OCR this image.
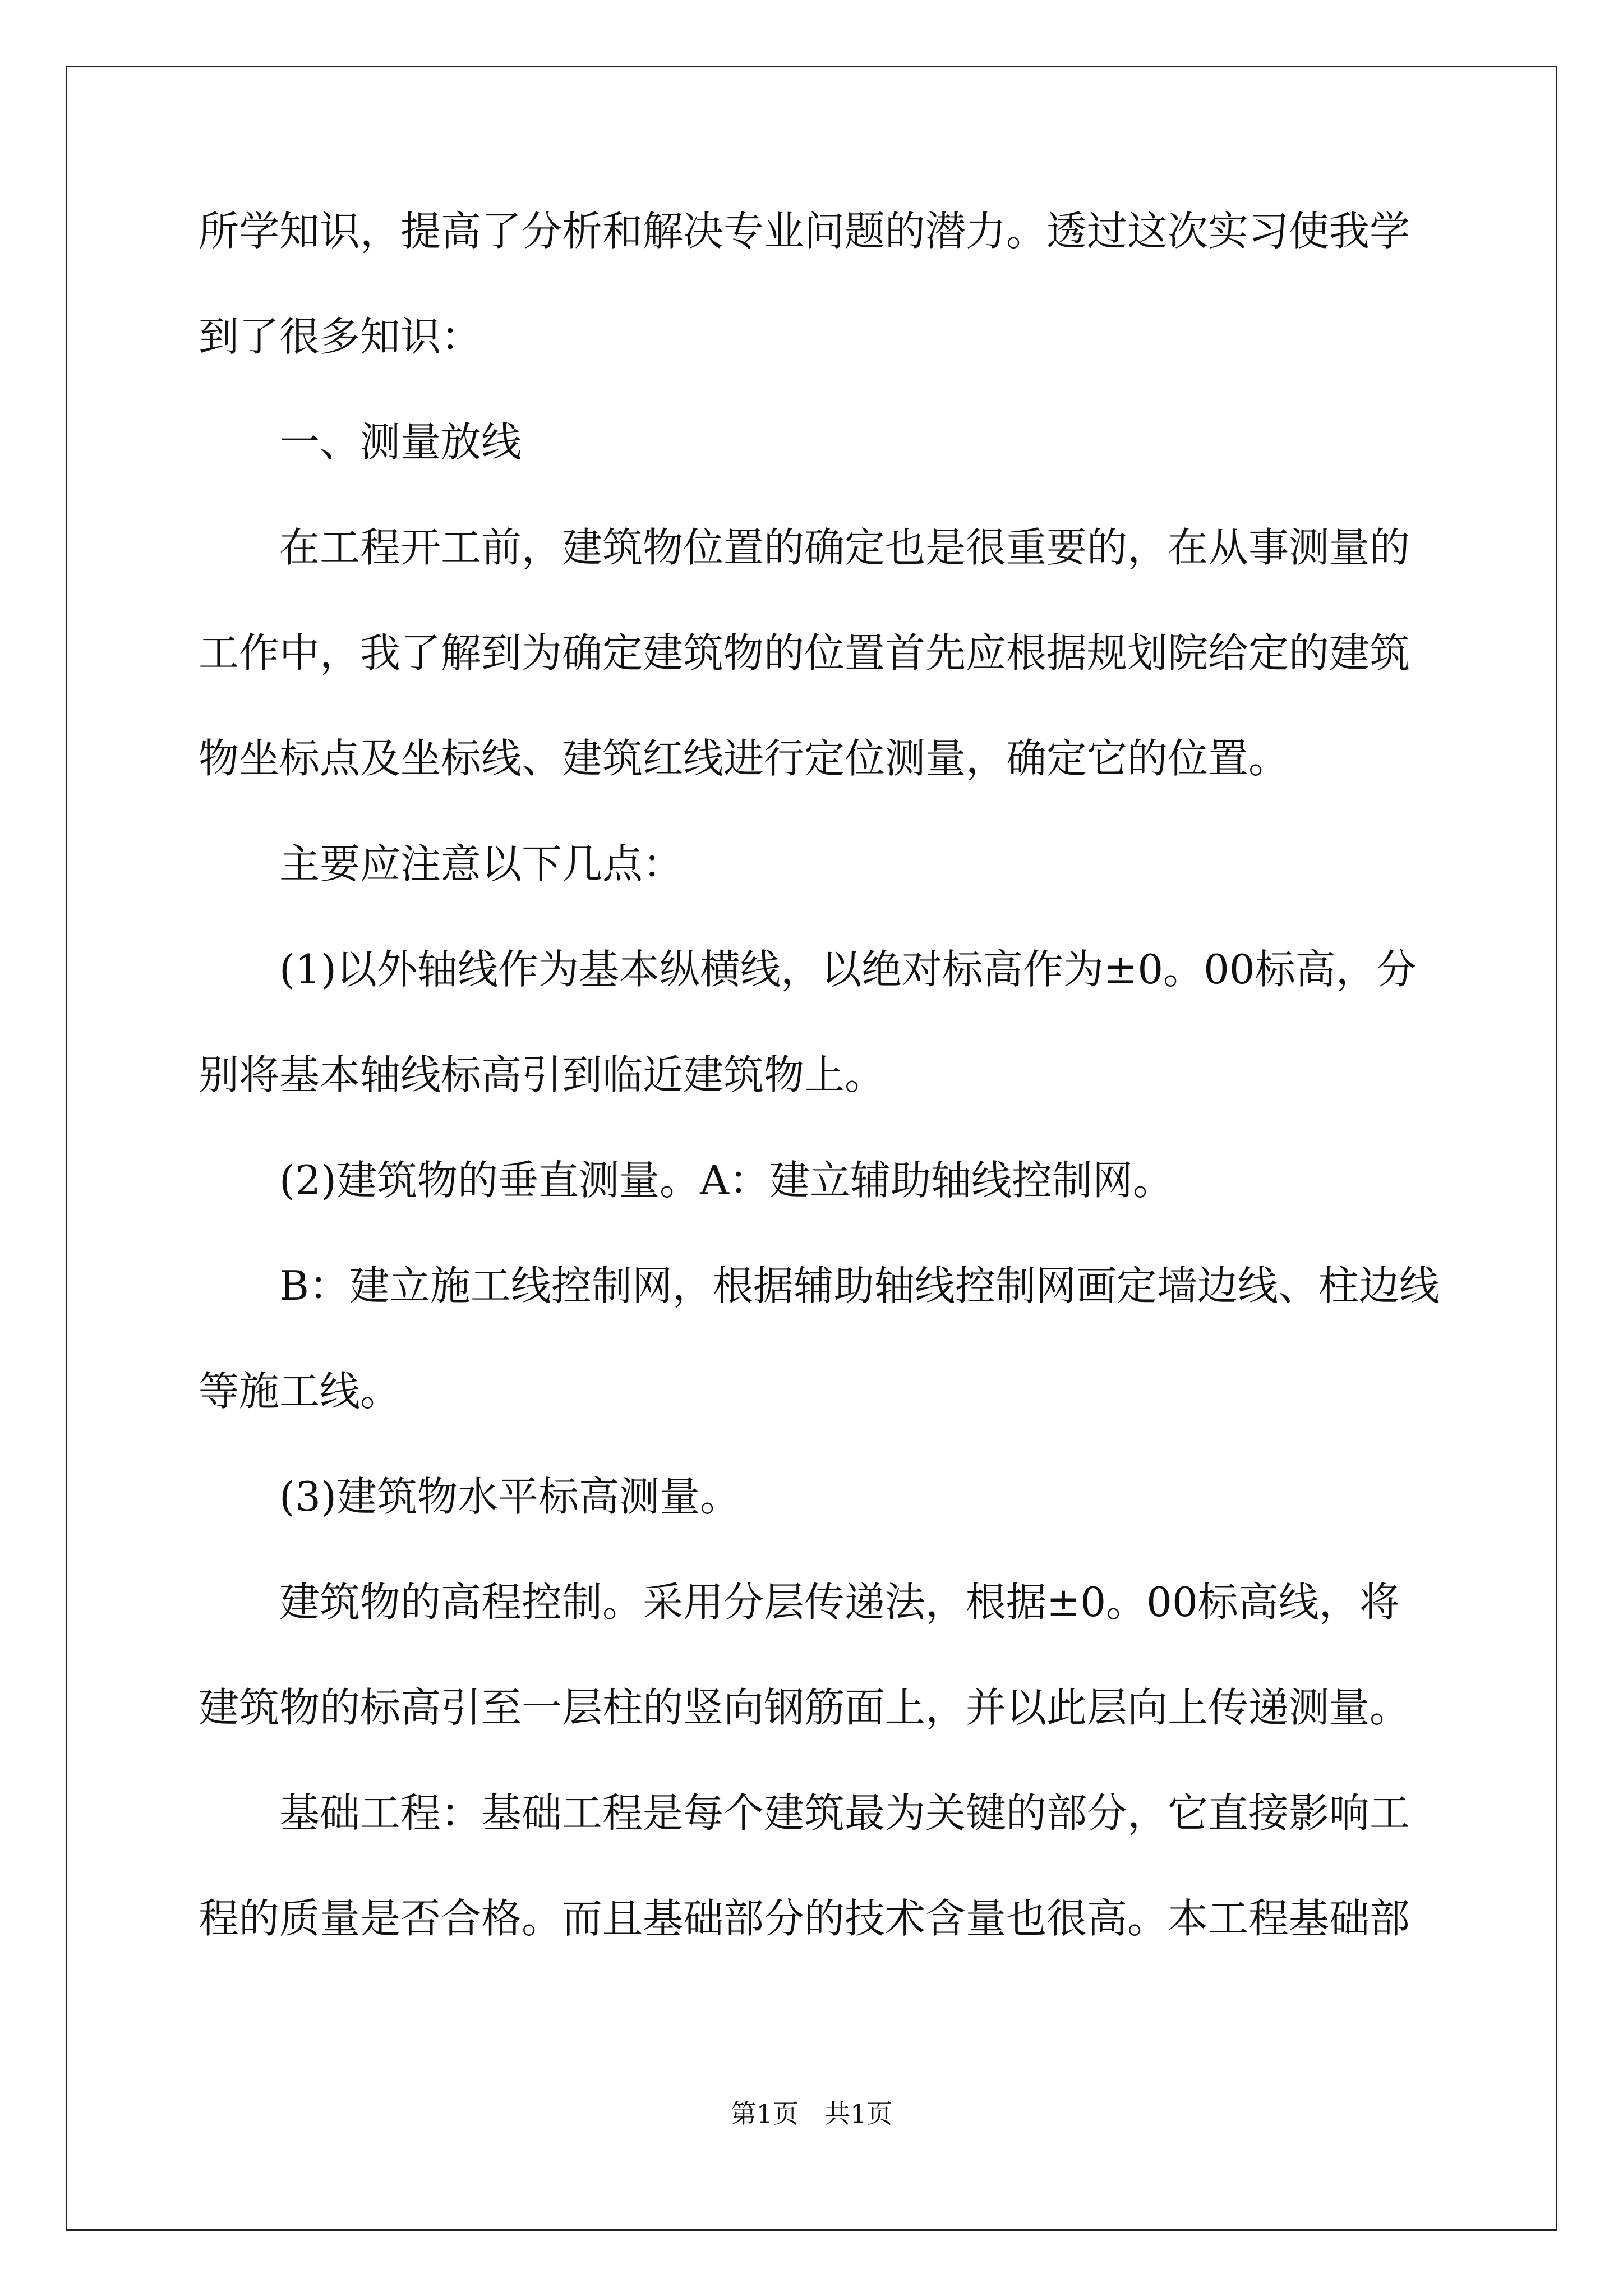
所学知识，提高了分析和解决专业问题的潜力。透过这次实习使我学
到了很多知识：
一、测量放线
在工程开工前，建筑物位置的确定也是很重要的，在从事测量的
工作中，我了解到为确定建筑物的位置首先应根据规划院给定的建筑
物坐标点及坐标线、建筑红线进行定位测量，确定它的位置。
主要应注意以下几点：
(1)以外轴线作为基本纵横线，以绝对标高作为±0。00标高，分
别将基本轴线标高引到临近建筑物上。
(2)建筑物的垂直测量。A：建立辅助轴线控制网。
B：建立施工线控制网，根据辅助轴线控制网画定墙边线、柱边线
等施工线。
(3)建筑物水平标高测量。
建筑物的高程控制。采用分层传递法，根据±0。00标高线，将
建筑物的标高引至一层柱的竖向钢筋面上，并以此层向上传递测量。
基础工程：基础工程是每个建筑最为关键的部分，它直接影响工
程的质量是否合格。而且基础部分的技术含量也很高。本工程基础部
第1页　共1页
